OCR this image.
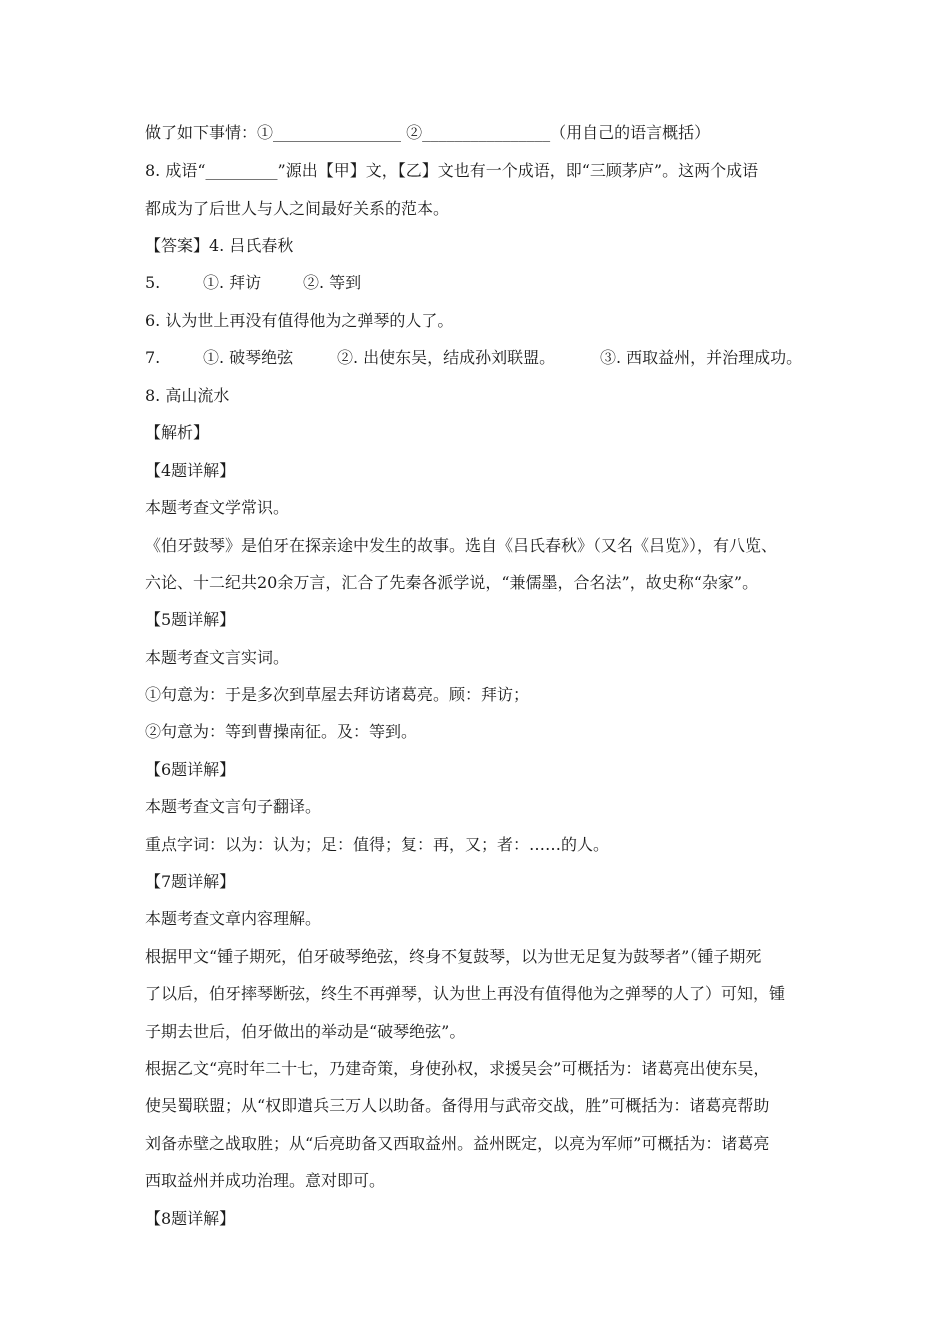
做了如下事情：①________________ ②________________（用自己的语言概括）
8. 成语“_________”源出【甲】文，【乙】文也有一个成语，即“三顾茅庐”。这两个成语
都成为了后世人与人之间最好关系的范本。
【答案】4. 吕氏春秋
5.	①. 拜访	②. 等到
6. 认为世上再没有值得他为之弹琴的人了。
7.	①. 破琴绝弦	②. 出使东吴，结成孙刘联盟。	③. 西取益州，并治理成功。
8. 高山流水
【解析】
【4题详解】
本题考查文学常识。
《伯牙鼓琴》是伯牙在探亲途中发生的故事。选自《吕氏春秋》（又名《吕览》），有八览、
六论、十二纪共20余万言，汇合了先秦各派学说，“兼儒墨，合名法”，故史称“杂家”。
【5题详解】
本题考查文言实词。
①句意为：于是多次到草屋去拜访诸葛亮。顾：拜访；
②句意为：等到曹操南征。及：等到。
【6题详解】
本题考查文言句子翻译。
重点字词：以为：认为；足：值得；复：再，又；者：……的人。
【7题详解】
本题考查文章内容理解。
根据甲文“锺子期死，伯牙破琴绝弦，终身不复鼓琴，以为世无足复为鼓琴者”（锺子期死
了以后，伯牙摔琴断弦，终生不再弹琴，认为世上再没有值得他为之弹琴的人了）可知，锺
子期去世后，伯牙做出的举动是“破琴绝弦”。
根据乙文“亮时年二十七，乃建奇策，身使孙权，求援吴会”可概括为：诸葛亮出使东吴，
使吴蜀联盟；从“权即遣兵三万人以助备。备得用与武帝交战，胜”可概括为：诸葛亮帮助
刘备赤壁之战取胜；从“后亮助备又西取益州。益州既定，以亮为军师”可概括为：诸葛亮
西取益州并成功治理。意对即可。
【8题详解】
